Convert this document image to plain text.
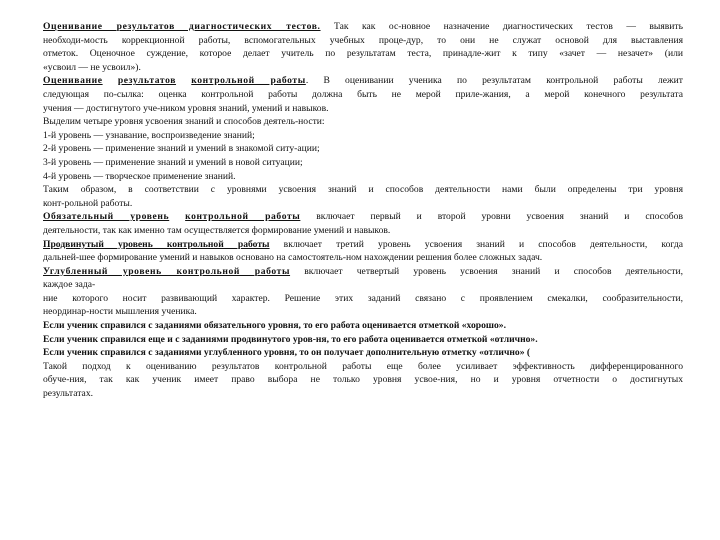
Оценивание результатов диагностических тестов. Так как ос-новное назначение диагностических тестов — выявить

необходи-мость коррекционной работы, вспомогательных учебных проце-дур, то они не служат основой для выставления

отметок. Оценочное суждение, которое делает учитель по результатам теста, принадле-жит к типу «зачет — незачет» (или

«усвоил — не усвоил»).

Оценивание результатов контрольной работы. В оценивании ученика по результатам контрольной работы лежит

следующая по-сылка: оценка контрольной работы должна быть не мерой приле-жания, а мерой конечного результата

учения — достигнутого уче-ником уровня знаний, умений и навыков.

Выделим четыре уровня усвоения знаний и способов деятель-ности:

1-й уровень — узнавание, воспроизведение знаний;

2-й уровень — применение знаний и умений в знакомой ситу-ации;

3-й уровень — применение знаний и умений в новой ситуации;

4-й уровень — творческое применение знаний.

Таким образом, в соответствии с уровнями усвоения знаний и способов деятельности нами были определены три уровня

конт-рольной работы.

Обязательный уровень контрольной работы включает первый и второй уровни усвоения знаний и способов

деятельности, так как именно там осуществляется формирование умений и навыков.

Продвинутый уровень контрольной работы включает третий уровень усвоения знаний и способов деятельности, когда

дальней-шее формирование умений и навыков основано на самостоятель-ном нахождении решения более сложных задач.

Углубленный уровень контрольной работы включает четвертый уровень усвоения знаний и способов деятельности,

каждое зада-

ние которого носит развивающий характер. Решение этих заданий связано с проявлением смекалки, сообразительности,

неординар-ности мышления ученика.

Если ученик справился с заданиями обязательного уровня, то его работа оценивается отметкой «хорошо».

Если ученик справился еще и с заданиями продвинутого уров-ня, то его работа оценивается отметкой «отлично».

Если ученик справился с заданиями углубленного уровня, то он получает дополнительную отметку «отлично» (

Такой подход к оцениванию результатов контрольной работы еще более усиливает эффективность дифференцированного

обуче-ния, так как ученик имеет право выбора не только уровня усвое-ния, но и уровня отчетности о достигнутых

результатах.
